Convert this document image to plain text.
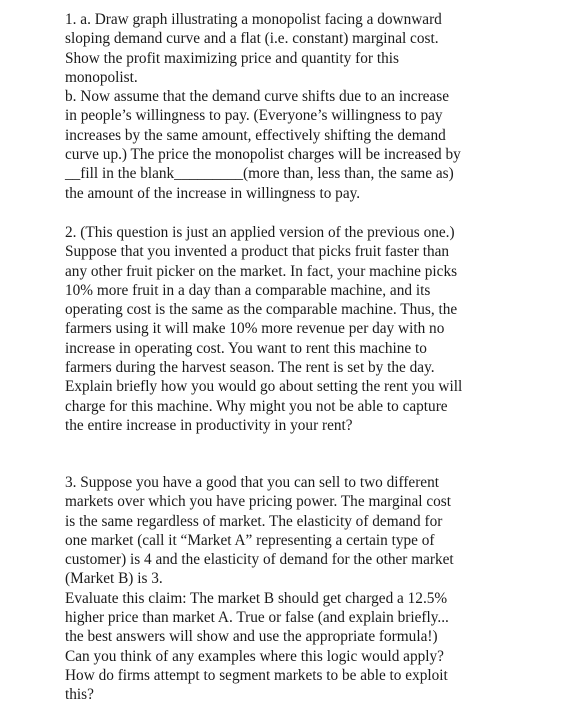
1. a. Draw graph illustrating a monopolist facing a downward
sloping demand curve and a flat (i.e. constant) marginal cost.
Show the profit maximizing price and quantity for this
monopolist.
b. Now assume that the demand curve shifts due to an increase
in people’s willingness to pay. (Everyone’s willingness to pay
increases by the same amount, effectively shifting the demand
curve up.) The price the monopolist charges will be increased by
__fill in the blank_________(more than, less than, the same as)
the amount of the increase in willingness to pay.
2. (This question is just an applied version of the previous one.)
Suppose that you invented a product that picks fruit faster than
any other fruit picker on the market. In fact, your machine picks
10% more fruit in a day than a comparable machine, and its
operating cost is the same as the comparable machine. Thus, the
farmers using it will make 10% more revenue per day with no
increase in operating cost. You want to rent this machine to
farmers during the harvest season. The rent is set by the day.
Explain briefly how you would go about setting the rent you will
charge for this machine. Why might you not be able to capture
the entire increase in productivity in your rent?
3. Suppose you have a good that you can sell to two different
markets over which you have pricing power. The marginal cost
is the same regardless of market. The elasticity of demand for
one market (call it “Market A” representing a certain type of
customer) is 4 and the elasticity of demand for the other market
(Market B) is 3.
Evaluate this claim: The market B should get charged a 12.5%
higher price than market A. True or false (and explain briefly...
the best answers will show and use the appropriate formula!)
Can you think of any examples where this logic would apply?
How do firms attempt to segment markets to be able to exploit
this?
